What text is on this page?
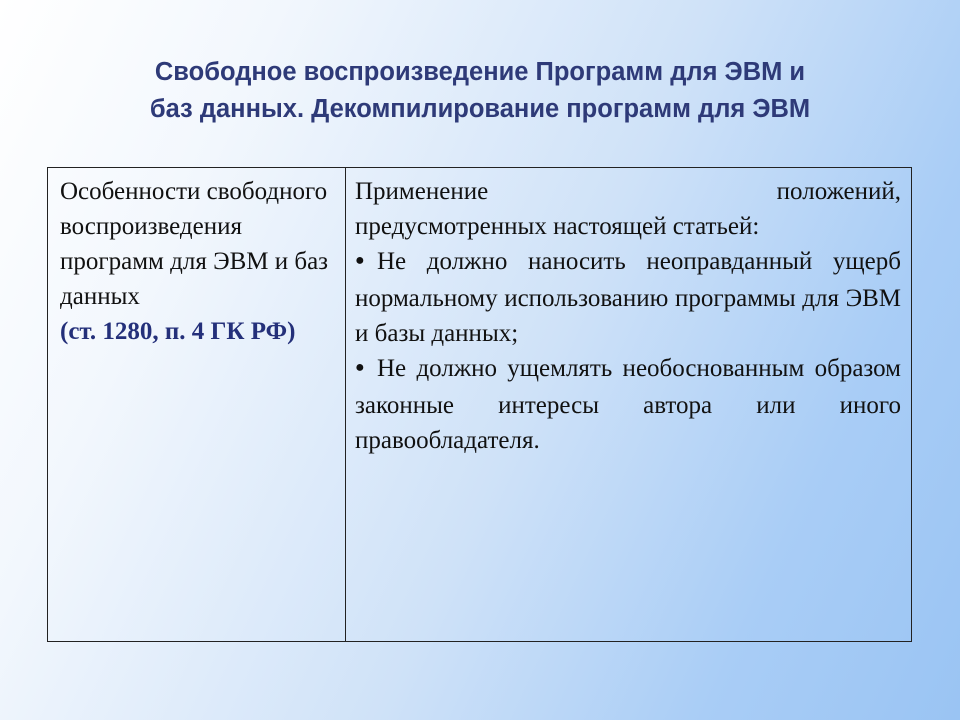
Свободное воспроизведение Программ для ЭВМ и
баз данных. Декомпилирование программ для ЭВМ
Особенности свободного воспроизведения программ для ЭВМ и баз данных
(ст. 1280, п. 4 ГК РФ)
Применение положений,
предусмотренных настоящей статьей:
● Не должно наносить неоправданный ущерб нормальному использованию программы для ЭВМ и базы данных;
● Не должно ущемлять необоснованным образом законные интересы автора или иного правообладателя.
